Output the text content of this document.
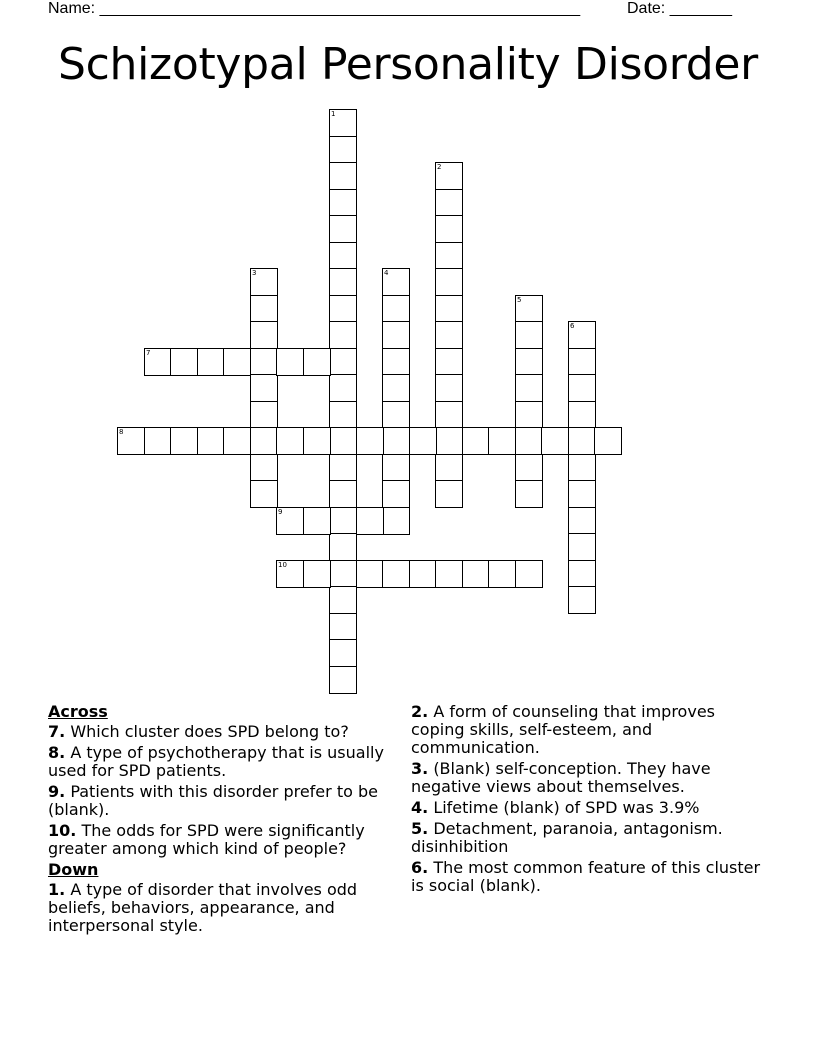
Name: ______________________________________________________	Date: _______
Schizotypal Personality Disorder
1
2
3	4
5
6
7
8
9
10
Across
7. Which cluster does SPD belong to?
8. A type of psychotherapy that is usually used for SPD patients.
9. Patients with this disorder prefer to be (blank).
10. The odds for SPD were significantly greater among which kind of people?
Down
1. A type of disorder that involves odd beliefs, behaviors, appearance, and interpersonal style.
2. A form of counseling that improves coping skills, self-esteem, and communication.
3. (Blank) self-conception. They have negative views about themselves.
4. Lifetime (blank) of SPD was 3.9%
5. Detachment, paranoia, antagonism. disinhibition
6. The most common feature of this cluster is social (blank).
